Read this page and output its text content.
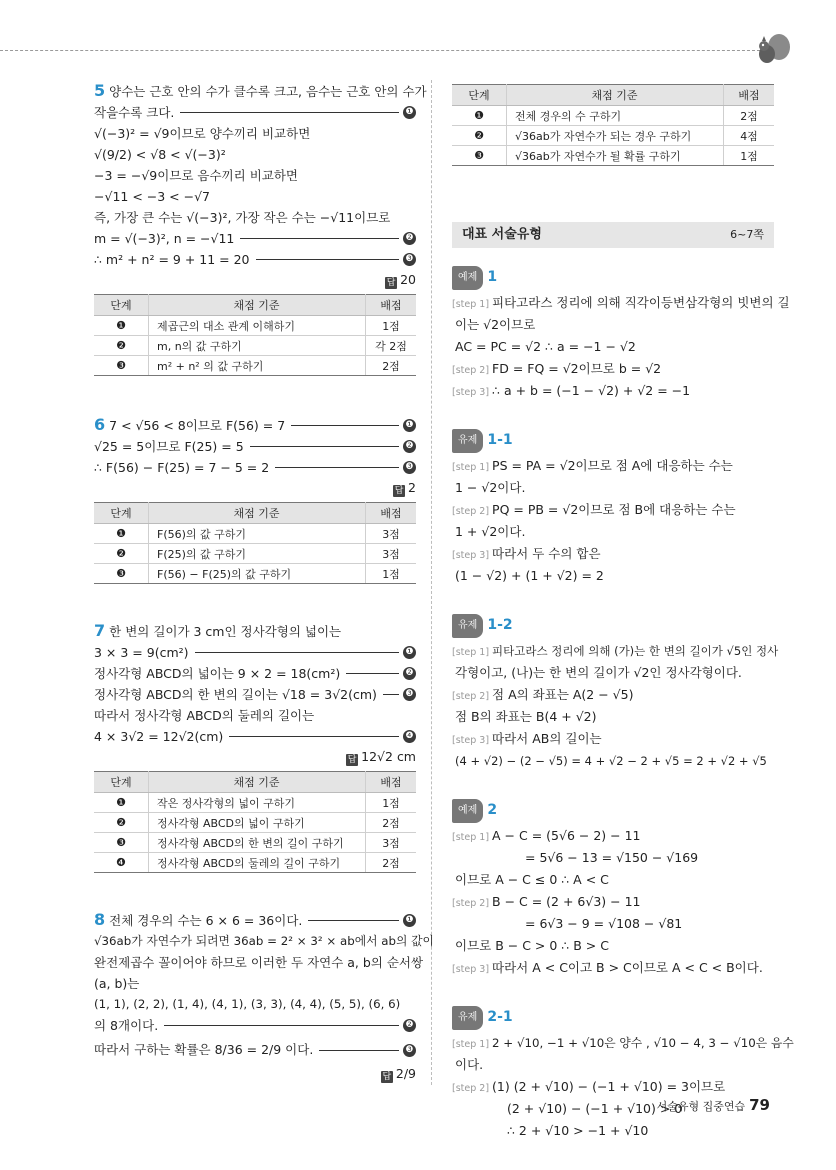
5 양수는 근호 안의 수가 클수록 크고, 음수는 근호 안의 수가
작을수록 크다.	❶
√(−3)² = √9이므로 양수끼리 비교하면
√(9/2) < √8 < √(−3)²
−3 = −√9이므로 음수끼리 비교하면
−√11 < −3 < −√7
즉, 가장 큰 수는 √(−3)², 가장 작은 수는 −√11이므로
m = √(−3)², n = −√11	❷
∴ m² + n² = 9 + 11 = 20	❸
답 20
단계	채점 기준	배점
❶	제곱근의 대소 관계 이해하기	1점
❷	m, n의 값 구하기	각 2점
❸	m² + n² 의 값 구하기	2점
6 7 < √56 < 8이므로 F(56) = 7	❶
√25 = 5이므로 F(25) = 5	❷
∴ F(56) − F(25) = 7 − 5 = 2	❸
답 2
단계	채점 기준	배점
❶	F(56)의 값 구하기	3점
❷	F(25)의 값 구하기	3점
❸	F(56) − F(25)의 값 구하기	1점
7 한 변의 길이가 3 cm인 정사각형의 넓이는
3 × 3 = 9(cm²)	❶
정사각형 ABCD의 넓이는 9 × 2 = 18(cm²)	❷
정사각형 ABCD의 한 변의 길이는 √18 = 3√2(cm)	❸
따라서 정사각형 ABCD의 둘레의 길이는
4 × 3√2 = 12√2(cm)	❹
답 12√2 cm
단계	채점 기준	배점
❶	작은 정사각형의 넓이 구하기	1점
❷	정사각형 ABCD의 넓이 구하기	2점
❸	정사각형 ABCD의 한 변의 길이 구하기	3점
❹	정사각형 ABCD의 둘레의 길이 구하기	2점
8 전체 경우의 수는 6 × 6 = 36이다.	❶
√36ab가 자연수가 되려면 36ab = 2² × 3² × ab에서 ab의 값이
완전제곱수 꼴이어야 하므로 이러한 두 자연수 a, b의 순서쌍
(a, b)는
(1, 1), (2, 2), (1, 4), (4, 1), (3, 3), (4, 4), (5, 5), (6, 6)
의 8개이다.	❷
따라서 구하는 확률은 8/36 = 2/9 이다.	❸
답 2/9
단계	채점 기준	배점
❶	전체 경우의 수 구하기	2점
❷	√36ab가 자연수가 되는 경우 구하기	4점
❸	√36ab가 자연수가 될 확률 구하기	1점
대표 서술유형	6~7쪽
예제 1
[step 1] 피타고라스 정리에 의해 직각이등변삼각형의 빗변의 길
이는 √2이므로
AC = PC = √2 ∴ a = −1 − √2
[step 2] FD = FQ = √2이므로 b = √2
[step 3] ∴ a + b = (−1 − √2) + √2 = −1
유제 1-1
[step 1] PS = PA = √2이므로 점 A에 대응하는 수는
1 − √2이다.
[step 2] PQ = PB = √2이므로 점 B에 대응하는 수는
1 + √2이다.
[step 3] 따라서 두 수의 합은
(1 − √2) + (1 + √2) = 2
유제 1-2
[step 1] 피타고라스 정리에 의해 (가)는 한 변의 길이가 √5인 정사
각형이고, (나)는 한 변의 길이가 √2인 정사각형이다.
[step 2] 점 A의 좌표는 A(2 − √5)
점 B의 좌표는 B(4 + √2)
[step 3] 따라서 AB의 길이는
(4 + √2) − (2 − √5) = 4 + √2 − 2 + √5 = 2 + √2 + √5
예제 2
[step 1] A − C = (5√6 − 2) − 11
= 5√6 − 13 = √150 − √169
이므로 A − C ≤ 0 ∴ A < C
[step 2] B − C = (2 + 6√3) − 11
= 6√3 − 9 = √108 − √81
이므로 B − C > 0 ∴ B > C
[step 3] 따라서 A < C이고 B > C이므로 A < C < B이다.
유제 2-1
[step 1] 2 + √10, −1 + √10은 양수 , √10 − 4, 3 − √10은 음수
이다.
[step 2] (1) (2 + √10) − (−1 + √10) = 3이므로
(2 + √10) − (−1 + √10) > 0
∴ 2 + √10 > −1 + √10
서술유형 집중연습 79
